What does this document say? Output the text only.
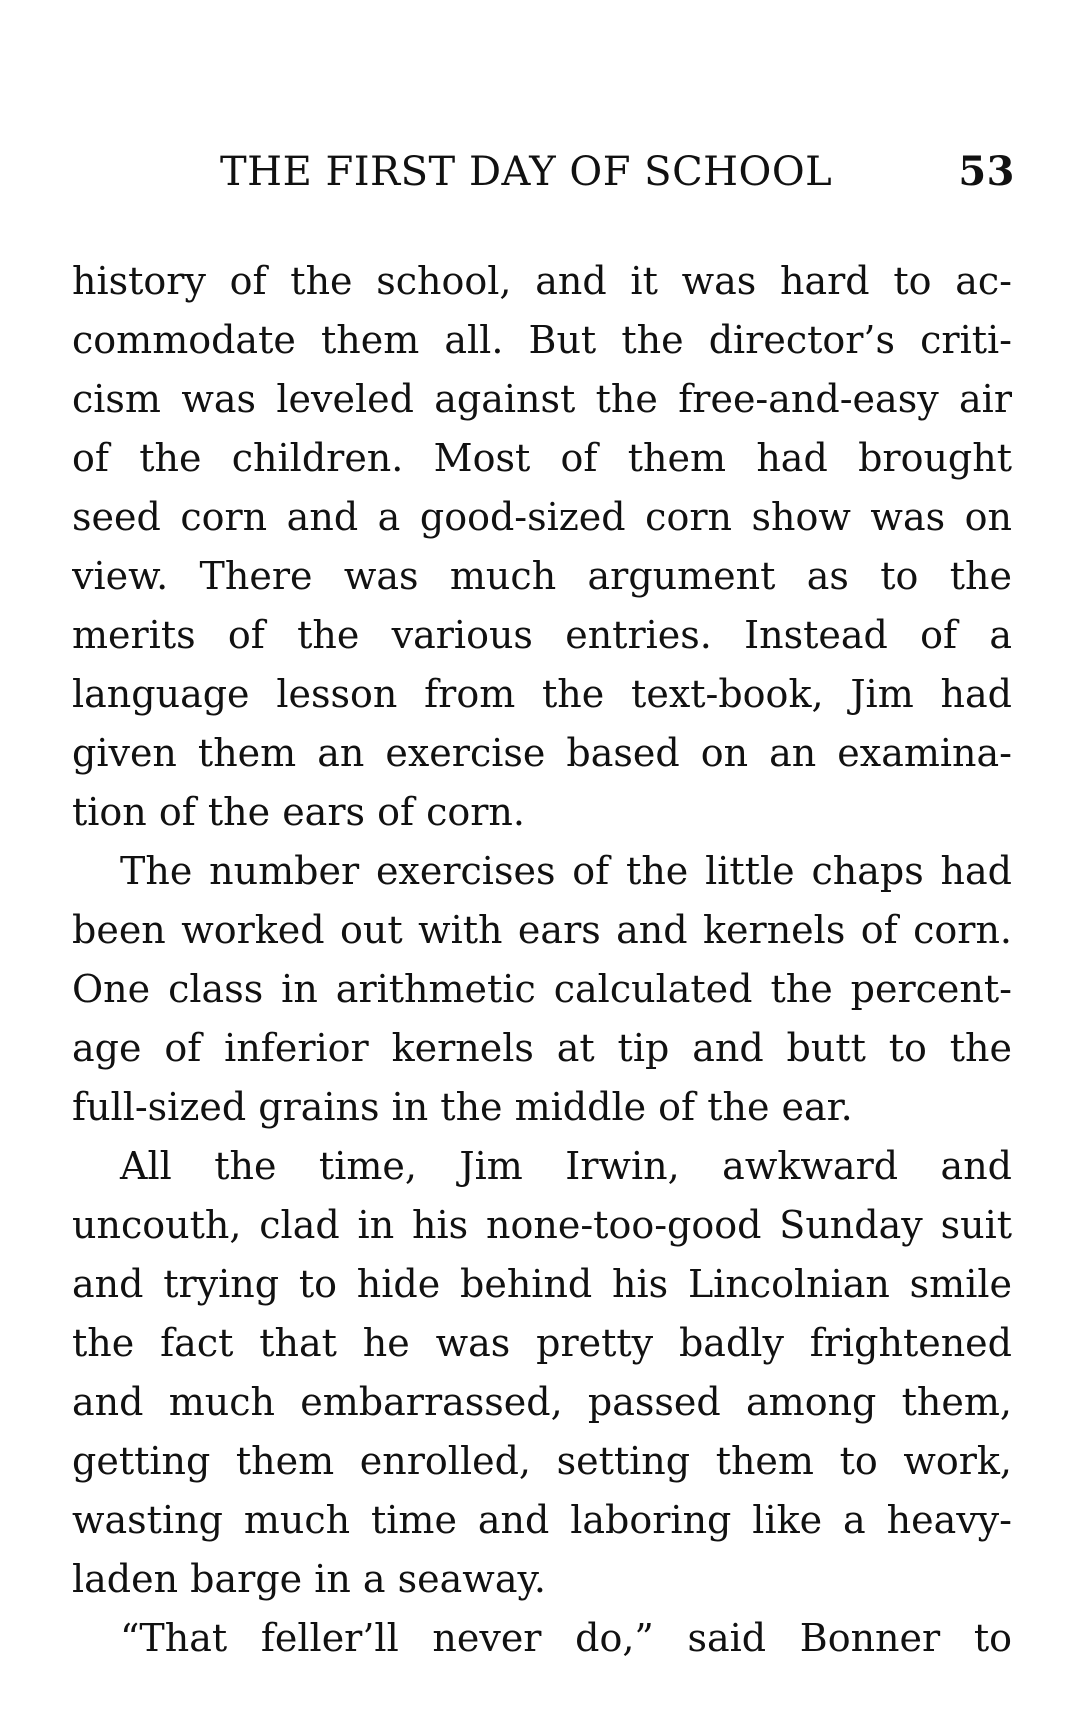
THE FIRST DAY OF SCHOOL	53
history of the school, and it was hard to ac-
commodate them all. But the director’s criti-
cism was leveled against the free-and-easy air
of the children. Most of them had brought
seed corn and a good-sized corn show was on
view. There was much argument as to the
merits of the various entries. Instead of a
language lesson from the text-book, Jim had
given them an exercise based on an examina-
tion of the ears of corn.
The number exercises of the little chaps had
been worked out with ears and kernels of corn.
One class in arithmetic calculated the percent-
age of inferior kernels at tip and butt to the
full-sized grains in the middle of the ear.
All the time, Jim Irwin, awkward and
uncouth, clad in his none-too-good Sunday suit
and trying to hide behind his Lincolnian smile
the fact that he was pretty badly frightened
and much embarrassed, passed among them,
getting them enrolled, setting them to work,
wasting much time and laboring like a heavy-
laden barge in a seaway.
“That feller’ll never do,” said Bonner to
